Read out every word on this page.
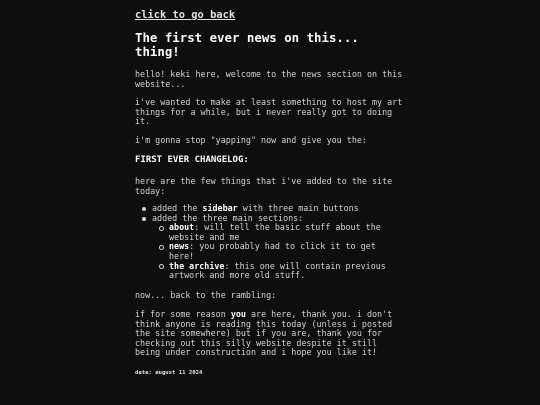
click to go back
The first ever news on this... thing!

hello! keki here, welcome to the news section on this website...

i've wanted to make at least something to host my art things for a while, but i never really got to doing it.

i'm gonna stop "yapping" now and give you the:

FIRST EVER CHANGELOG:

here are the few things that i've added to the site today:

added the sidebar with three main buttons
added the three main sections:
about: will tell the basic stuff about the website and me
news: you probably had to click it to get here!
the archive: this one will contain previous artwork and more old stuff.

now... back to the rambling:

if for some reason you are here, thank you. i don't think anyone is reading this today (unless i posted the site somewhere) but if you are, thank you for checking out this silly website despite it still being under construction and i hope you like it!

date: august 11 2024
